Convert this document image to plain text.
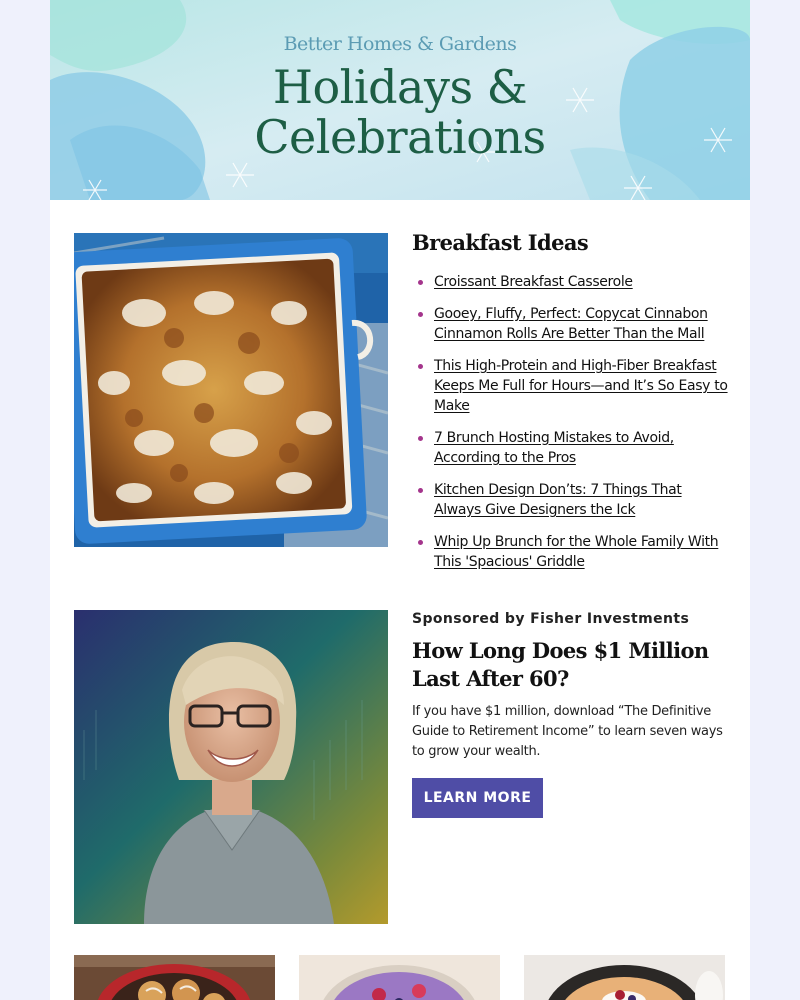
Better Homes & Gardens
Holidays &
Celebrations
Breakfast Ideas
Croissant Breakfast Casserole
Gooey, Fluffy, Perfect: Copycat Cinnabon Cinnamon Rolls Are Better Than the Mall
This High-Protein and High-Fiber Breakfast Keeps Me Full for Hours—and It’s So Easy to Make
7 Brunch Hosting Mistakes to Avoid, According to the Pros
Kitchen Design Don’ts: 7 Things That Always Give Designers the Ick
Whip Up Brunch for the Whole Family With This 'Spacious' Griddle
Sponsored by Fisher Investments
How Long Does $1 Million Last After 60?

If you have $1 million, download “The Definitive Guide to Retirement Income” to learn seven ways to grow your wealth.

LEARN MORE
